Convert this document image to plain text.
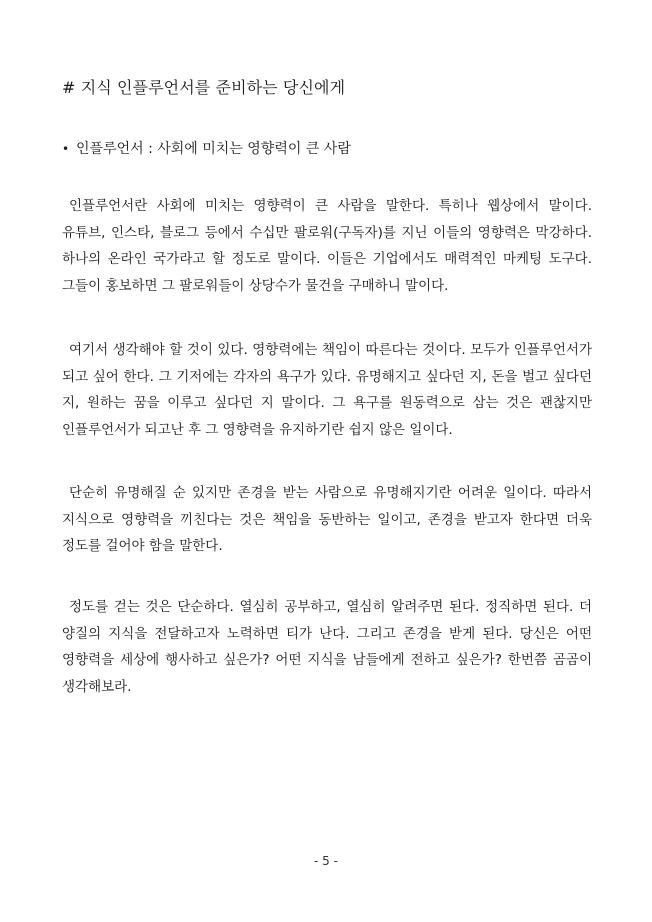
# 지식 인플루언서를 준비하는 당신에게
• 인플루언서 : 사회에 미치는 영향력이 큰 사람

인플루언서란 사회에 미치는 영향력이 큰 사람을 말한다. 특히나 웹상에서 말이다. 유튜브, 인스타, 블로그 등에서 수십만 팔로워(구독자)를 지닌 이들의 영향력은 막강하다. 하나의 온라인 국가라고 할 정도로 말이다. 이들은 기업에서도 매력적인 마케팅 도구다. 그들이 홍보하면 그 팔로워들이 상당수가 물건을 구매하니 말이다.

여기서 생각해야 할 것이 있다. 영향력에는 책임이 따른다는 것이다. 모두가 인플루언서가 되고 싶어 한다. 그 기저에는 각자의 욕구가 있다. 유명해지고 싶다던 지, 돈을 벌고 싶다던 지, 원하는 꿈을 이루고 싶다던 지 말이다. 그 욕구를 원동력으로 삼는 것은 괜찮지만 인플루언서가 되고난 후 그 영향력을 유지하기란 쉽지 않은 일이다.

단순히 유명해질 순 있지만 존경을 받는 사람으로 유명해지기란 어려운 일이다. 따라서 지식으로 영향력을 끼친다는 것은 책임을 동반하는 일이고, 존경을 받고자 한다면 더욱 정도를 걸어야 함을 말한다.

정도를 걷는 것은 단순하다. 열심히 공부하고, 열심히 알려주면 된다. 정직하면 된다. 더 양질의 지식을 전달하고자 노력하면 티가 난다. 그리고 존경을 받게 된다. 당신은 어떤 영향력을 세상에 행사하고 싶은가? 어떤 지식을 남들에게 전하고 싶은가? 한번쯤 곰곰이 생각해보라.

- 5 -
